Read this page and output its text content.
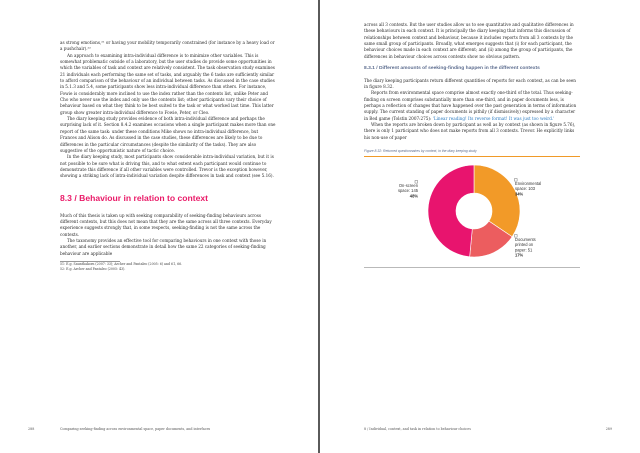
as strong emotions,⁵¹ or having your mobility temporarily constrained (for instance by a heavy load or a pushchair).⁵²

An approach to examining intra-individual difference is to minimize other variables. This is somewhat problematic outside of a laboratory, but the user studies do provide some opportunities in which the variables of task and context are relatively consistent. The task observation study examines 21 individuals each performing the same set of tasks, and arguably the 6 tasks are sufficiently similar to afford comparison of the behaviour of an individual between tasks. As discussed in the case studies in 5.1.3 and 5.4, some participants show less intra-individual difference than others. For instance, Fowie is considerably more inclined to use the index rather than the contents list, unlike Peter and Cho who never use the index and only use the contents list; other participants vary their choice of behaviour based on what they think to be best suited to the task or what worked last time. This latter group show greater intra-individual difference to Fowie, Peter, or Cleo.

The diary keeping study provides evidence of both intra-individual difference and perhaps the surprising lack of it. Section 8.4.2 examines occasions when a single participant makes more than one report of the same task: under these conditions Mike shows no intra-individual difference, but Frances and Alison do. As discussed in the case studies, these differences are likely to be due to differences in the particular circumstances (despite the similarity of the tasks). They are also suggestive of the opportunistic nature of tactic choice.

In the diary keeping study, most participants show considerable intra-individual variation, but it is not possible to be sure what is driving this, and to what extent each participant would continue to demonstrate this difference if all other variables were controlled. Trevor is the exception however, showing a striking lack of intra-individual variation despite differences in task and context (see 5.16).

8.3 / Behaviour in relation to context

Much of this thesis is taken up with seeking comparability of seeking-finding behaviours across different contexts, but this does not mean that they are the same across all three contexts. Everyday experience suggests strongly that, in some respects, seeking-finding is not the same across the contexts.

The taxonomy provides an effective tool for comparing behaviours in one context with those in another, and earlier sections demonstrate in detail how the same 22 categories of seeking-finding behaviour are applicable

51: E.g. Saunthakorn (2007: 33); Archer and Pantaleo (2005: 6) and 61, 66.

52: E.g. Archer and Pantaleo (2005: 43).

288	Comparing seeking-finding across environmental space, paper documents, and interfaces

across all 3 contexts. But the user studies allow us to see quantitative and qualitative differences in these behaviours in each context. It is principally the diary keeping that informs this discussion of relationships between context and behaviour, because it includes reports from all 3 contexts by the same small group of participants. Broadly, what emerges suggests that (i) for each participant, the behaviour choices made in each context are different; and (ii) among the group of participants, the differences in behaviour choices across contexts show no obvious pattern.

8.3.1 / Different amounts of seeking-finding happen in the different contexts

The diary keeping participants return different quantities of reports for each context, as can be seen in figure 8.32.

Reports from environmental space comprise almost exactly one-third of the total. Thus seeking-finding on screen comprises substantially more than one-third, and in paper documents less, is perhaps a reflection of changes that have happened over the past generation in terms of information supply. The current standing of paper documents is pithily (if dismissively) expressed by a character in Bed game (Tolstin 2007:275): 'Linear reading! Its reverse format! It was just too weird.'

When the reports are broken down by participant as well as by context (as shown in figure 5.76), there is only 1 participant who does not make reports from all 3 contexts. Trevor. He explicitly links his non-use of paper

Figure 8.32: Returned questionnaires by context, in the diary keeping study
Environmental
space: 103
34%
Documents
printed on
paper: 51
17%
On-screen
space: 145
48%
8 / Individual, context, and task in relation to behaviour choices	289
